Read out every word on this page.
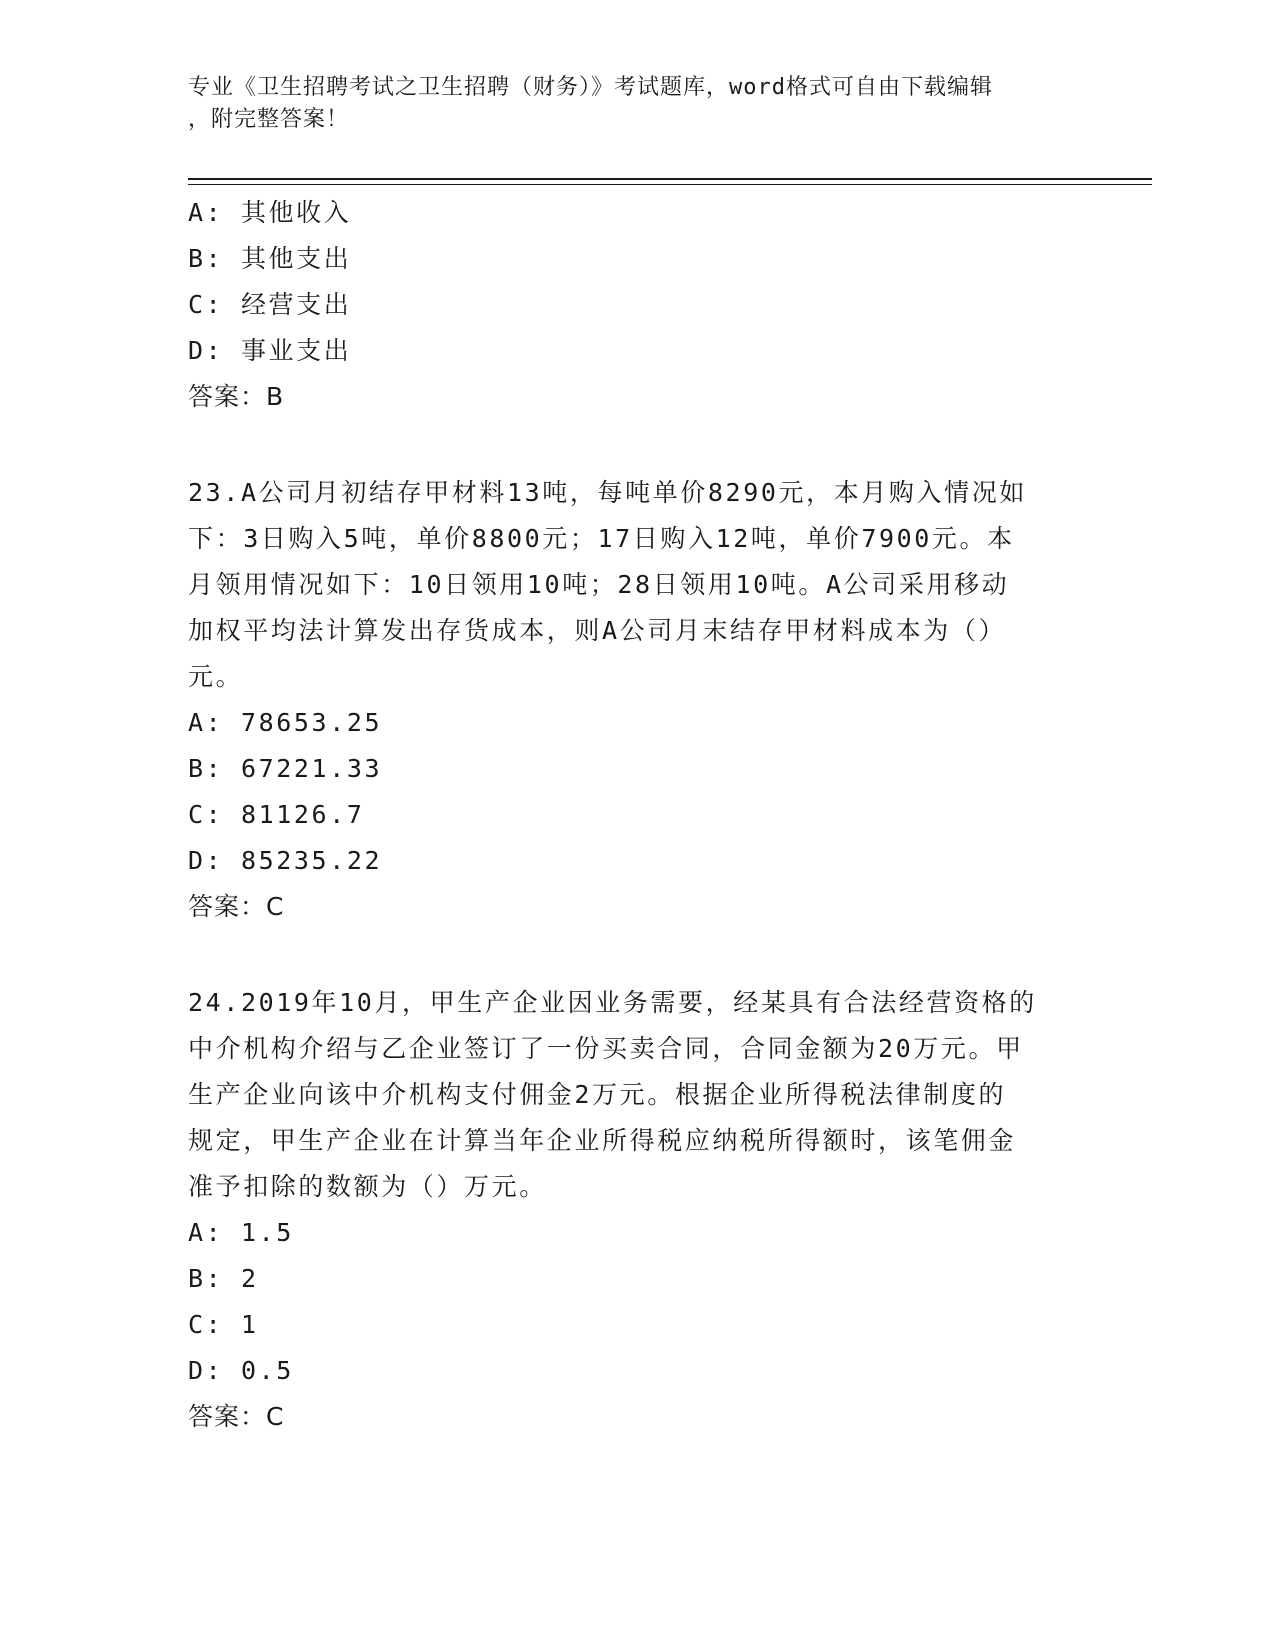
专业《卫生招聘考试之卫生招聘（财务）》考试题库，word格式可自由下载编辑
，附完整答案！
A: 其他收入
B: 其他支出
C: 经营支出
D: 事业支出
答案：B
23.A公司月初结存甲材料13吨，每吨单价8290元，本月购入情况如
下：3日购入5吨，单价8800元；17日购入12吨，单价7900元。本
月领用情况如下：10日领用10吨；28日领用10吨。A公司采用移动
加权平均法计算发出存货成本，则A公司月末结存甲材料成本为（）
元。
A: 78653.25
B: 67221.33
C: 81126.7
D: 85235.22
答案：C
24.2019年10月，甲生产企业因业务需要，经某具有合法经营资格的
中介机构介绍与乙企业签订了一份买卖合同，合同金额为20万元。甲
生产企业向该中介机构支付佣金2万元。根据企业所得税法律制度的
规定，甲生产企业在计算当年企业所得税应纳税所得额时，该笔佣金
准予扣除的数额为（）万元。
A: 1.5
B: 2
C: 1
D: 0.5
答案：C
